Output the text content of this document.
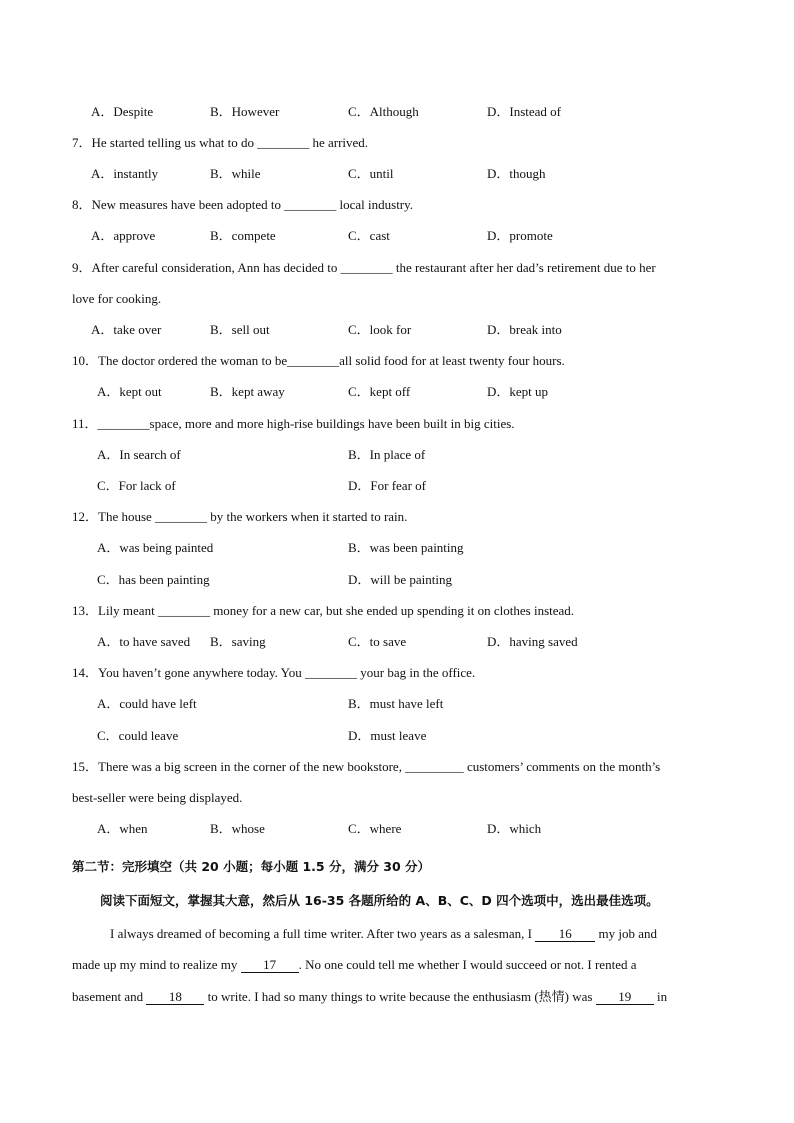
A．Despite	B．However	C．Although	D．Instead of
7．He started telling us what to do ________ he arrived.
A．instantly	B．while	C．until	D．though
8．New measures have been adopted to ________ local industry.
A．approve	B．compete	C．cast	D．promote
9．After careful consideration, Ann has decided to ________ the restaurant after her dad’s retirement due to her
love for cooking.
A．take over	B．sell out	C．look for	D．break into
10．The doctor ordered the woman to be________all solid food for at least twenty four hours.
A．kept out	B．kept away	C．kept off	D．kept up
11．________space, more and more high-rise buildings have been built in big cities.
A．In search of	B．In place of
C．For lack of	D．For fear of
12．The house ________ by the workers when it started to rain.
A．was being painted	B．was been painting
C．has been painting	D．will be painting
13．Lily meant ________ money for a new car, but she ended up spending it on clothes instead.
A．to have saved B．saving	C．to save	D．having saved
14．You haven’t gone anywhere today. You ________ your bag in the office.
A．could have left	B．must have left
C．could leave	D．must leave
15．There was a big screen in the corner of the new bookstore, _________ customers’ comments on the month’s
best-seller were being displayed.
A．when	B．whose	C．where	D．which
第二节：完形填空（共 20 小题；每小题 1.5 分，满分 30 分）
阅读下面短文，掌握其大意，然后从 16-35 各题所给的 A、B、C、D 四个选项中，选出最佳选项。
I always dreamed of becoming a full time writer. After two years as a salesman, I 16 my job and
made up my mind to realize my 17 . No one could tell me whether I would succeed or not. I rented a
basement and 18 to write. I had so many things to write because the enthusiasm (热情) was 19 in
